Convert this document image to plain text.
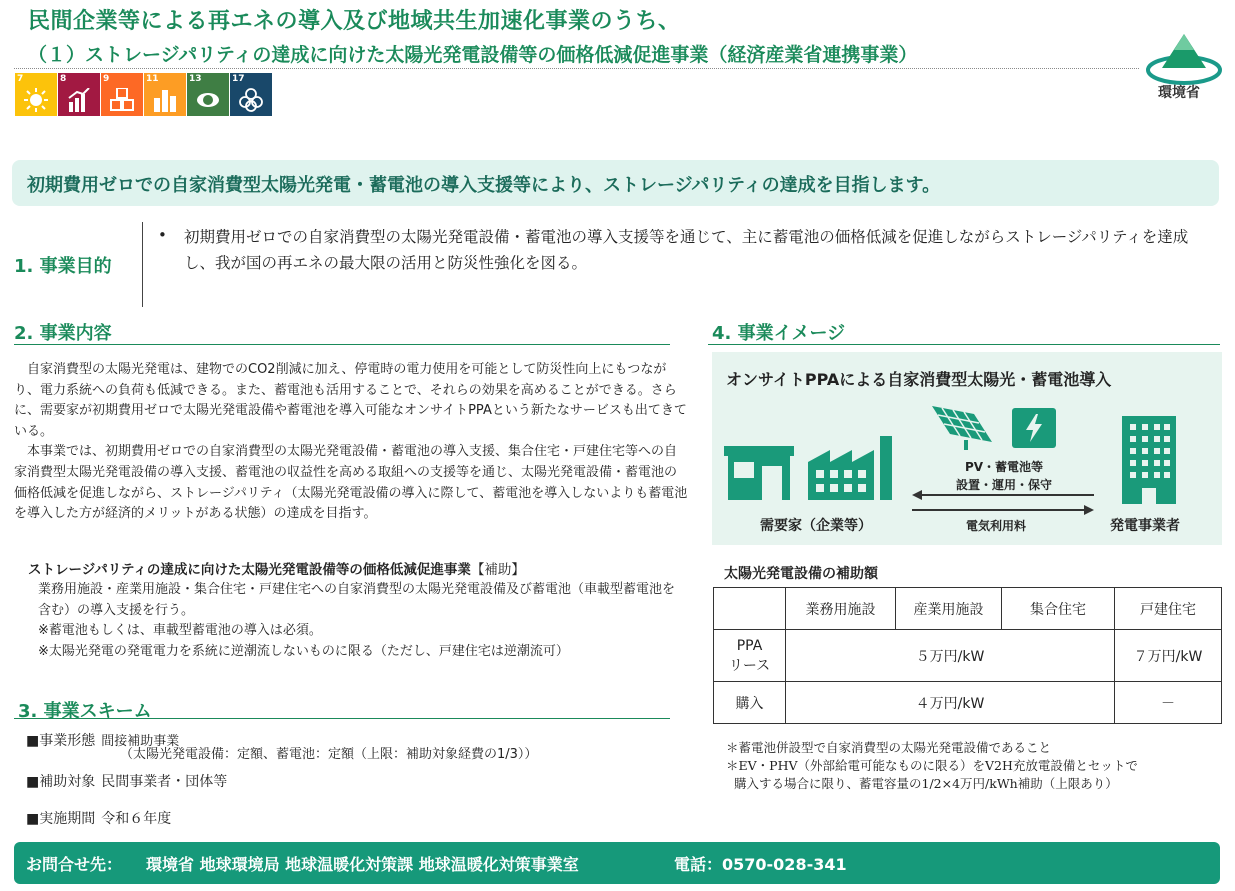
民間企業等による再エネの導入及び地域共生加速化事業のうち、
（１）ストレージパリティの達成に向けた太陽光発電設備等の価格低減促進事業（経済産業省連携事業）
7	8	9	11	13	17
環境省
初期費用ゼロでの自家消費型太陽光発電・蓄電池の導入支援等により、ストレージパリティの達成を目指します。
1. 事業目的
• 初期費用ゼロでの自家消費型の太陽光発電設備・蓄電池の導入支援等を通じて、主に蓄電池の価格低減を促進しながらストレージパリティを達成し、我が国の再エネの最大限の活用と防災性強化を図る。
2. 事業内容

自家消費型の太陽光発電は、建物でのCO2削減に加え、停電時の電力使用を可能として防災性向上にもつながり、電力系統への負荷も低減できる。また、蓄電池も活用することで、それらの効果を高めることができる。さらに、需要家が初期費用ゼロで太陽光発電設備や蓄電池を導入可能なオンサイトPPAという新たなサービスも出てきている。

本事業では、初期費用ゼロでの自家消費型の太陽光発電設備・蓄電池の導入支援、集合住宅・戸建住宅等への自家消費型太陽光発電設備の導入支援、蓄電池の収益性を高める取組への支援等を通じ、太陽光発電設備・蓄電池の価格低減を促進しながら、ストレージパリティ（太陽光発電設備の導入に際して、蓄電池を導入しないよりも蓄電池を導入した方が経済的メリットがある状態）の達成を目指す。

ストレージパリティの達成に向けた太陽光発電設備等の価格低減促進事業【補助】
業務用施設・産業用施設・集合住宅・戸建住宅への自家消費型の太陽光発電設備及び蓄電池（車載型蓄電池を含む）の導入支援を行う。
※蓄電池もしくは、車載型蓄電池の導入は必須。
※太陽光発電の発電電力を系統に逆潮流しないものに限る（ただし、戸建住宅は逆潮流可）
3. 事業スキーム
■事業形態 間接補助事業
（太陽光発電設備：定額、蓄電池：定額（上限：補助対象経費の1/3））
■補助対象 民間事業者・団体等
■実施期間 令和６年度
4. 事業イメージ
オンサイトPPAによる自家消費型太陽光・蓄電池導入
PV・蓄電池等
設置・運用・保守
電気利用料
需要家（企業等）	発電事業者
太陽光発電設備の補助額
	業務用施設	産業用施設	集合住宅	戸建住宅
PPA
リース	５万円/kW			７万円/kW
購入	４万円/kW			－
＊蓄電池併設型で自家消費型の太陽光発電設備であること
＊EV・PHV（外部給電可能なものに限る）をV2H充放電設備とセットで
購入する場合に限り、蓄電容量の1/2×4万円/kWh補助（上限あり）
お問合せ先： 環境省 地球環境局 地球温暖化対策課 地球温暖化対策事業室	電話：0570-028-341
